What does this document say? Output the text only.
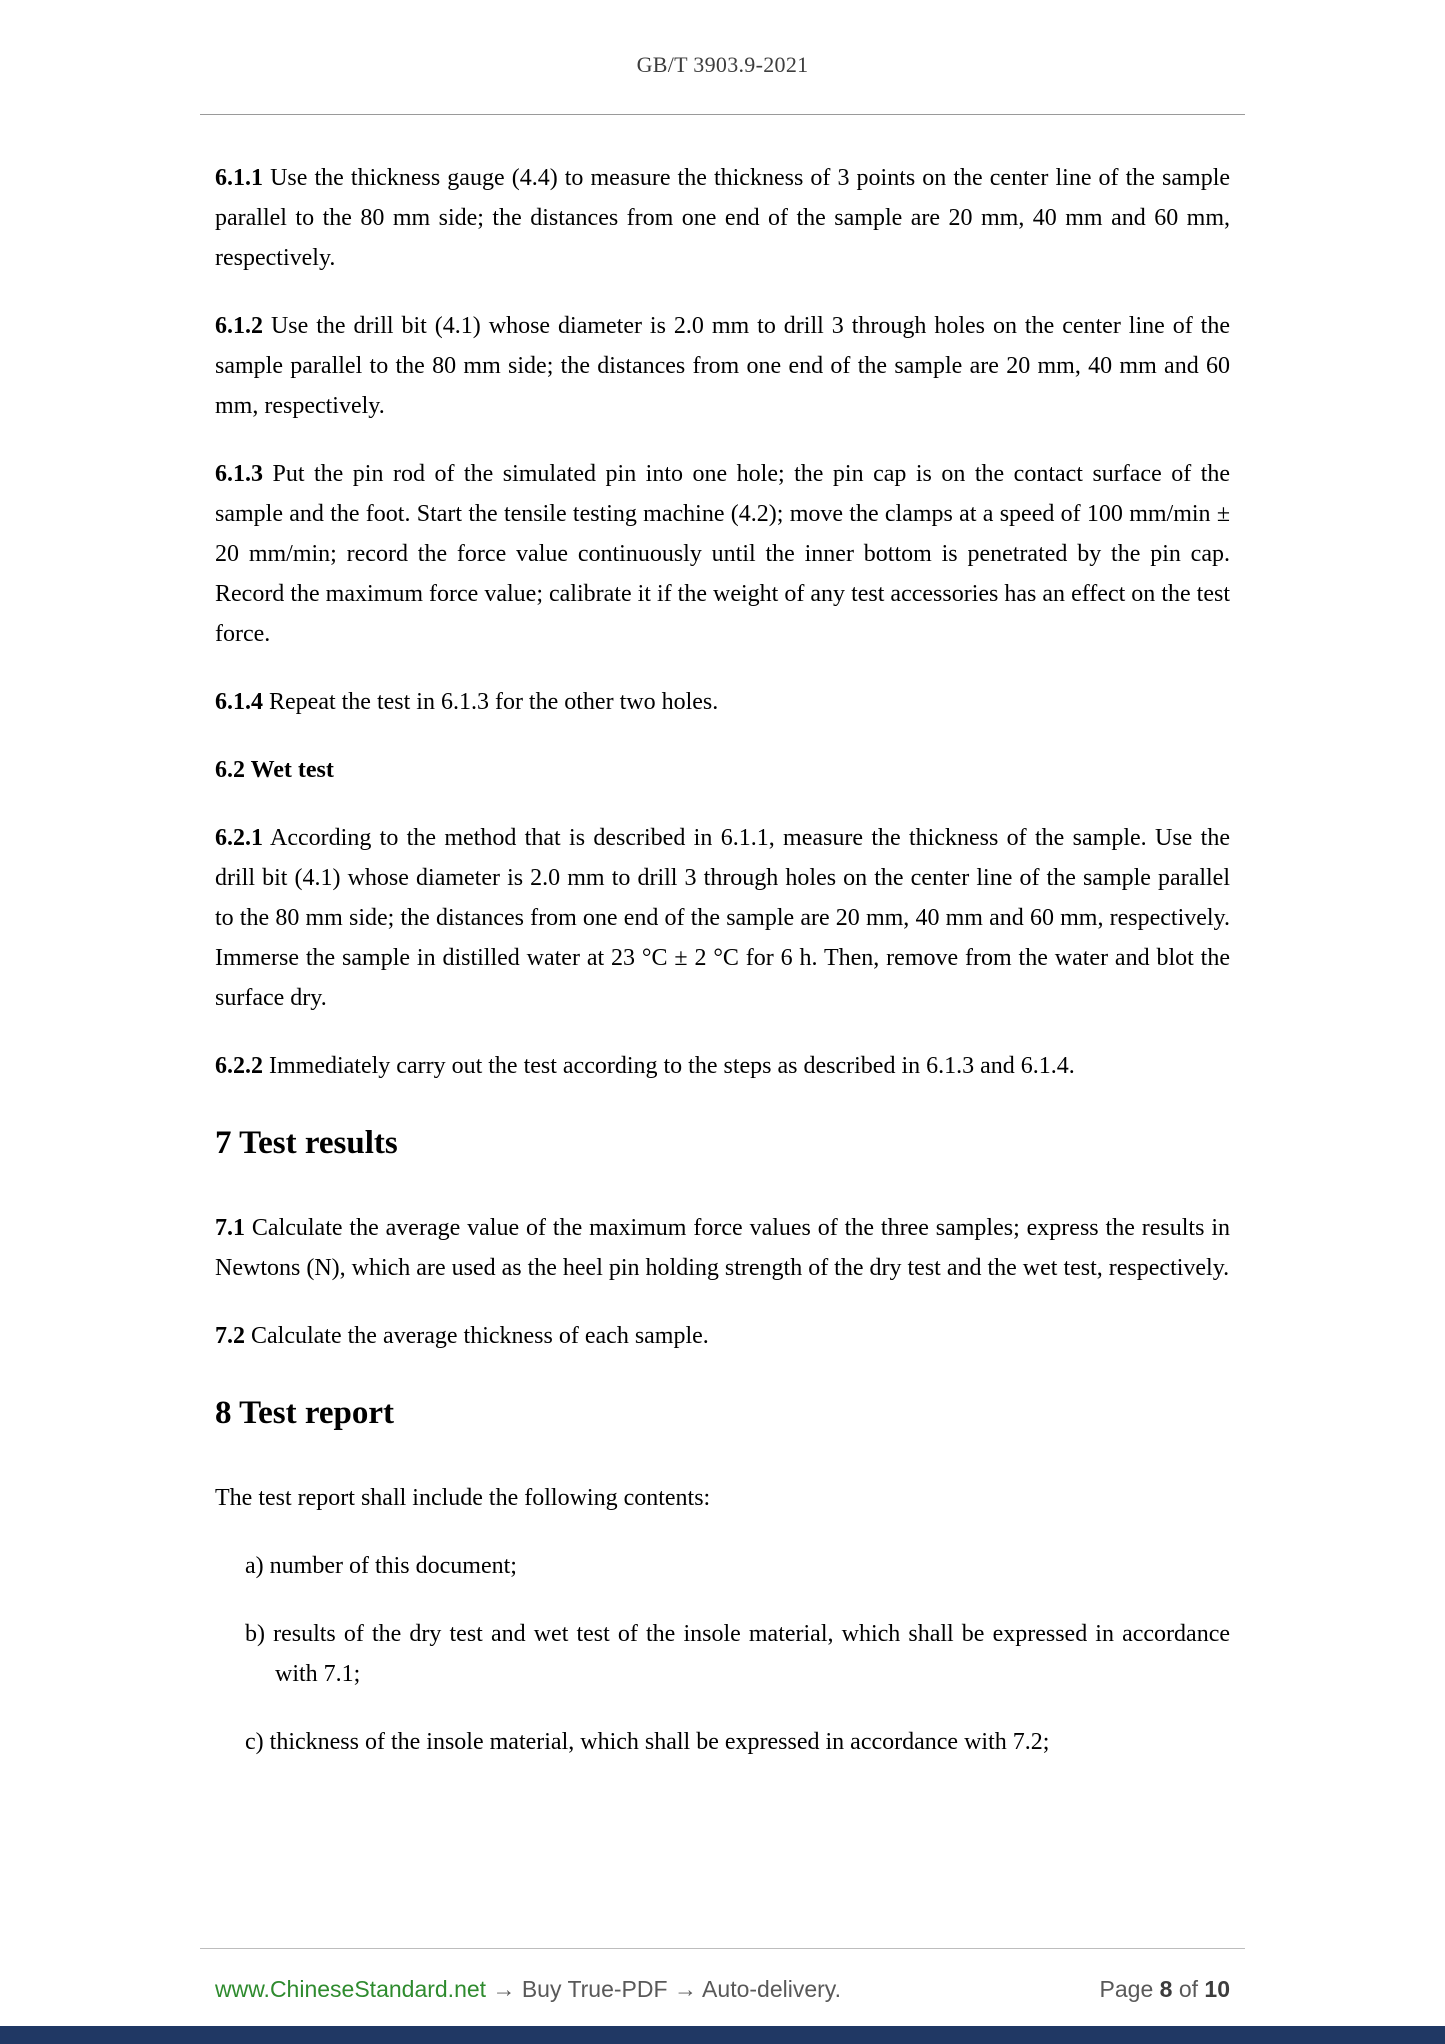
GB/T 3903.9-2021

6.1.1 Use the thickness gauge (4.4) to measure the thickness of 3 points on the center line of the sample parallel to the 80 mm side; the distances from one end of the sample are 20 mm, 40 mm and 60 mm, respectively.

6.1.2 Use the drill bit (4.1) whose diameter is 2.0 mm to drill 3 through holes on the center line of the sample parallel to the 80 mm side; the distances from one end of the sample are 20 mm, 40 mm and 60 mm, respectively.

6.1.3 Put the pin rod of the simulated pin into one hole; the pin cap is on the contact surface of the sample and the foot. Start the tensile testing machine (4.2); move the clamps at a speed of 100 mm/min ± 20 mm/min; record the force value continuously until the inner bottom is penetrated by the pin cap. Record the maximum force value; calibrate it if the weight of any test accessories has an effect on the test force.

6.1.4 Repeat the test in 6.1.3 for the other two holes.

6.2 Wet test

6.2.1 According to the method that is described in 6.1.1, measure the thickness of the sample. Use the drill bit (4.1) whose diameter is 2.0 mm to drill 3 through holes on the center line of the sample parallel to the 80 mm side; the distances from one end of the sample are 20 mm, 40 mm and 60 mm, respectively. Immerse the sample in distilled water at 23 °C ± 2 °C for 6 h. Then, remove from the water and blot the surface dry.

6.2.2 Immediately carry out the test according to the steps as described in 6.1.3 and 6.1.4.

7 Test results

7.1 Calculate the average value of the maximum force values of the three samples; express the results in Newtons (N), which are used as the heel pin holding strength of the dry test and the wet test, respectively.

7.2 Calculate the average thickness of each sample.

8 Test report

The test report shall include the following contents:

a) number of this document;

b) results of the dry test and wet test of the insole material, which shall be expressed in accordance with 7.1;

c) thickness of the insole material, which shall be expressed in accordance with 7.2;

www.ChineseStandard.net → Buy True-PDF → Auto-delivery.	Page 8 of 10
